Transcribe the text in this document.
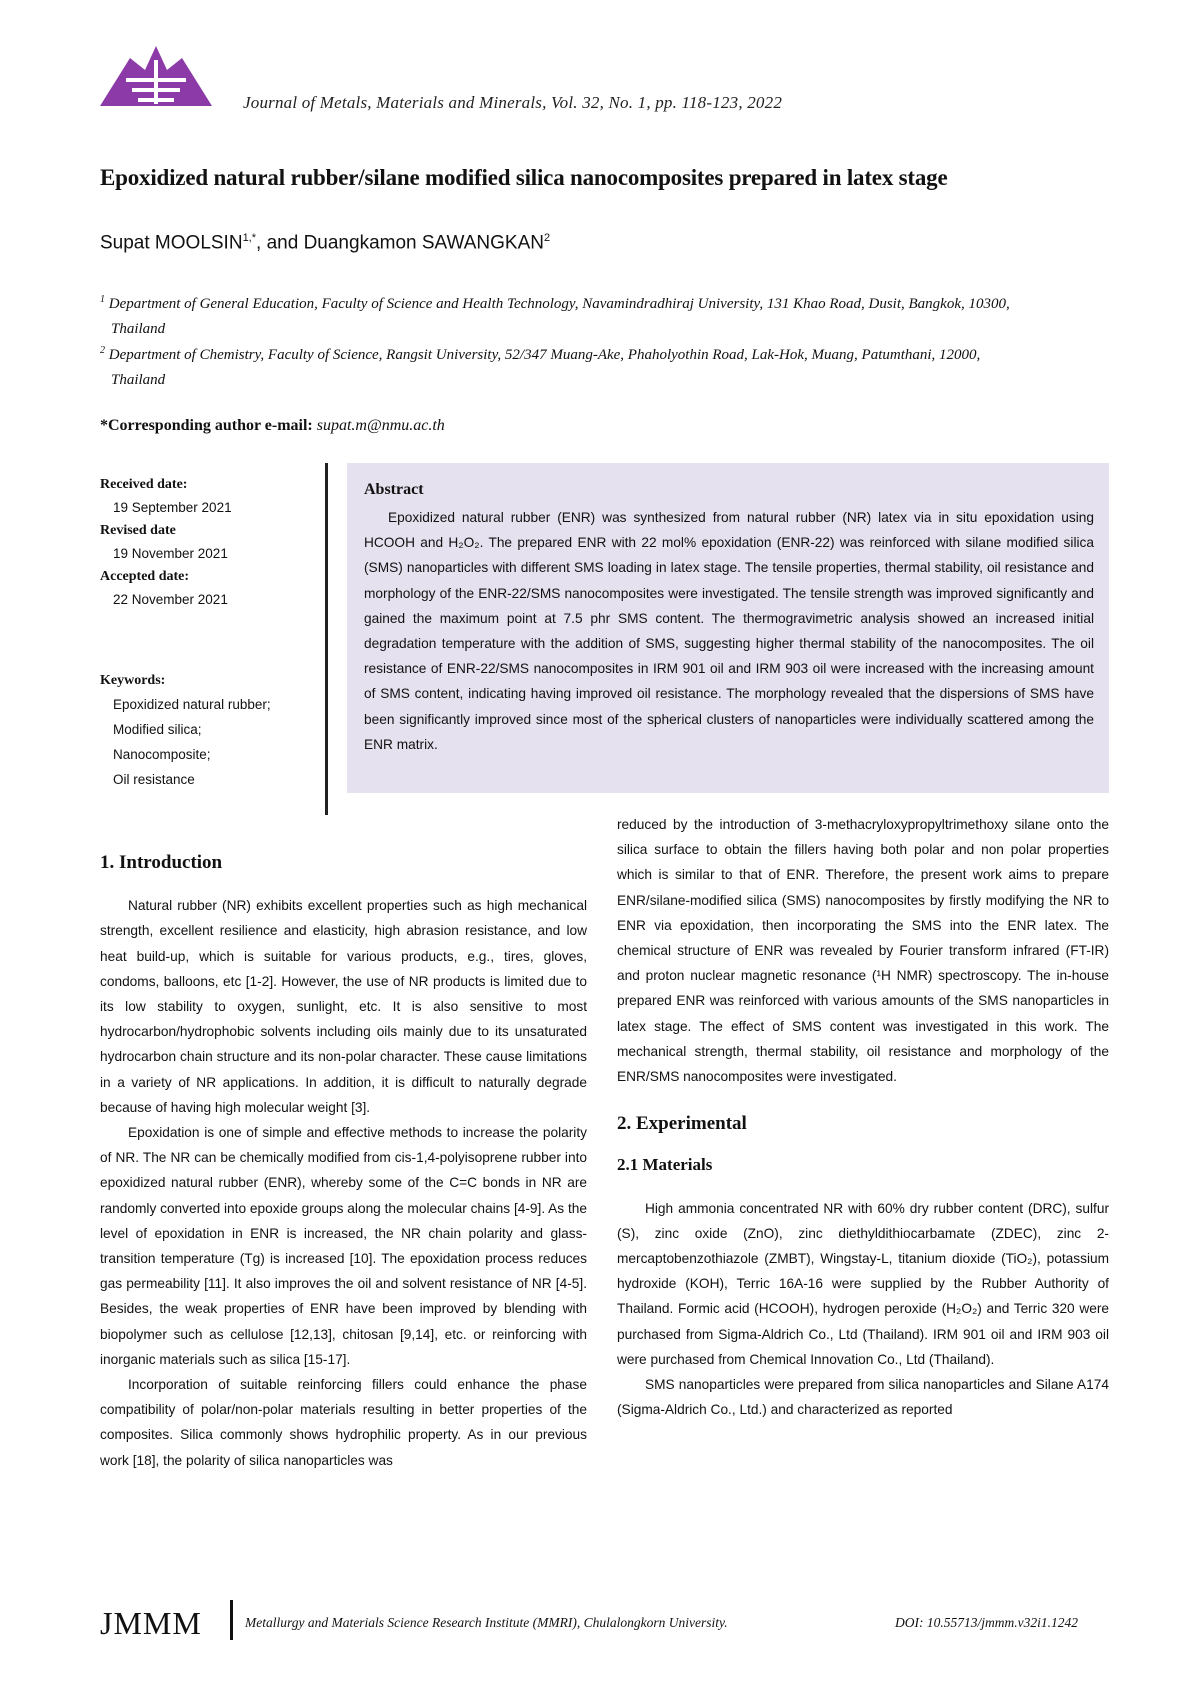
Journal of Metals, Materials and Minerals, Vol. 32, No. 1, pp. 118-123, 2022
Epoxidized natural rubber/silane modified silica nanocomposites prepared in latex stage
Supat $MOOLSIN^{1,*}$, and Duangkamon SAWANGKAN$^2$
$^1$ Department of General Education, Faculty of Science and Health Technology, Navamindradhiraj University, 131 Khao Road, Dusit, Bangkok, 10300,
Thailand
$^2$ Department of Chemistry, Faculty of Science, Rangsit University, 52/347 Muang-Ake, Phaholyothin Road, Lak-Hok, Muang, Patumthani, 12000,
Thailand
*Corresponding author e-mail: supat.m@nmu.ac.th
Received date:
19 September 2021
Revised date
19 November 2021
Accepted date:
22 November 2021
Keywords:
Epoxidized natural rubber;
Modified silica;
Nanocomposite;
Oil resistance
Abstract
Epoxidized natural rubber (ENR) was synthesized from natural rubber (NR) latex via in situ epoxidation using HCOOH and H₂O₂. The prepared ENR with 22 mol% epoxidation (ENR-22) was reinforced with silane modified silica (SMS) nanoparticles with different SMS loading in latex stage. The tensile properties, thermal stability, oil resistance and morphology of the ENR-22/SMS nanocomposites were investigated. The tensile strength was improved significantly and gained the maximum point at 7.5 phr SMS content. The thermogravimetric analysis showed an increased initial degradation temperature with the addition of SMS, suggesting higher thermal stability of the nanocomposites. The oil resistance of ENR-22/SMS nanocomposites in IRM 901 oil and IRM 903 oil were increased with the increasing amount of SMS content, indicating having improved oil resistance. The morphology revealed that the dispersions of SMS have been significantly improved since most of the spherical clusters of nanoparticles were individually scattered among the ENR matrix.
1. Introduction

Natural rubber (NR) exhibits excellent properties such as high mechanical strength, excellent resilience and elasticity, high abrasion resistance, and low heat build-up, which is suitable for various products, e.g., tires, gloves, condoms, balloons, etc [1-2]. However, the use of NR products is limited due to its low stability to oxygen, sunlight, etc. It is also sensitive to most hydrocarbon/hydrophobic solvents including oils mainly due to its unsaturated hydrocarbon chain structure and its non-polar character. These cause limitations in a variety of NR applications. In addition, it is difficult to naturally degrade because of having high molecular weight [3].

Epoxidation is one of simple and effective methods to increase the polarity of NR. The NR can be chemically modified from cis-1,4-polyisoprene rubber into epoxidized natural rubber (ENR), whereby some of the C=C bonds in NR are randomly converted into epoxide groups along the molecular chains [4-9]. As the level of epoxidation in ENR is increased, the NR chain polarity and glass-transition temperature (Tg) is increased [10]. The epoxidation process reduces gas permeability [11]. It also improves the oil and solvent resistance of NR [4-5]. Besides, the weak properties of ENR have been improved by blending with biopolymer such as cellulose [12,13], chitosan [9,14], etc. or reinforcing with inorganic materials such as silica [15-17].

Incorporation of suitable reinforcing fillers could enhance the phase compatibility of polar/non-polar materials resulting in better properties of the composites. Silica commonly shows hydrophilic property. As in our previous work [18], the polarity of silica nanoparticles was

reduced by the introduction of 3-methacryloxypropyltrimethoxy silane onto the silica surface to obtain the fillers having both polar and non polar properties which is similar to that of ENR. Therefore, the present work aims to prepare ENR/silane-modified silica (SMS) nanocomposites by firstly modifying the NR to ENR via epoxidation, then incorporating the SMS into the ENR latex. The chemical structure of ENR was revealed by Fourier transform infrared (FT-IR) and proton nuclear magnetic resonance (¹H NMR) spectroscopy. The in-house prepared ENR was reinforced with various amounts of the SMS nanoparticles in latex stage. The effect of SMS content was investigated in this work. The mechanical strength, thermal stability, oil resistance and morphology of the ENR/SMS nanocomposites were investigated.

2. Experimental
2.1 Materials

High ammonia concentrated NR with 60% dry rubber content (DRC), sulfur (S), zinc oxide (ZnO), zinc diethyldithiocarbamate (ZDEC), zinc 2-mercaptobenzothiazole (ZMBT), Wingstay-L, titanium dioxide (TiO₂), potassium hydroxide (KOH), Terric 16A-16 were supplied by the Rubber Authority of Thailand. Formic acid (HCOOH), hydrogen peroxide (H₂O₂) and Terric 320 were purchased from Sigma-Aldrich Co., Ltd (Thailand). IRM 901 oil and IRM 903 oil were purchased from Chemical Innovation Co., Ltd (Thailand).

SMS nanoparticles were prepared from silica nanoparticles and Silane A174 (Sigma-Aldrich Co., Ltd.) and characterized as reported

JMMM	Metallurgy and Materials Science Research Institute (MMRI), Chulalongkorn University.	DOI: 10.55713/jmmm.v32i1.1242
